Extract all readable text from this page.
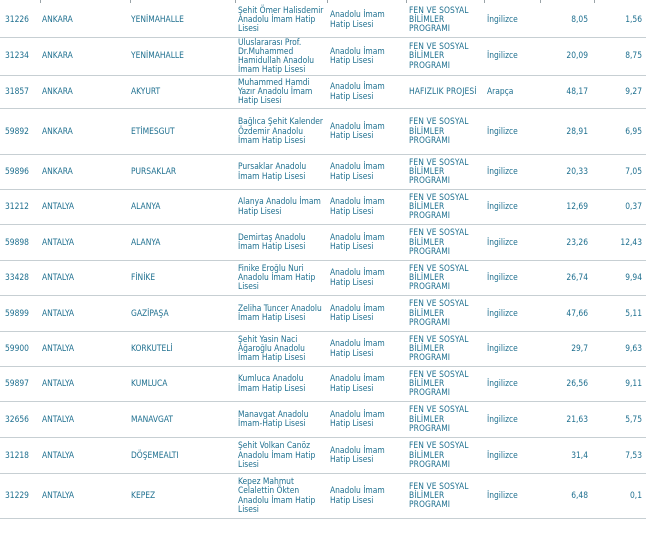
31226	ANKARA	YENİMAHALLE	Şehit Ömer Halisdemir Anadolu İmam Hatip Lisesi	Anadolu İmam Hatip Lisesi	FEN VE SOSYAL BİLİMLER PROGRAMI	İngilizce	8,05	1,56
31234	ANKARA	YENİMAHALLE	Uluslararası Prof. Dr.Muhammed Hamidullah Anadolu İmam Hatip Lisesi	Anadolu İmam Hatip Lisesi	FEN VE SOSYAL BİLİMLER PROGRAMI	İngilizce	20,09	8,75
31857	ANKARA	AKYURT	Muhammed Hamdi Yazır Anadolu İmam Hatip Lisesi	Anadolu İmam Hatip Lisesi	HAFIZLIK PROJESİ	Arapça	48,17	9,27
59892	ANKARA	ETİMESGUT	Bağlıca Şehit Kalender Özdemir Anadolu İmam Hatip Lisesi	Anadolu İmam Hatip Lisesi	FEN VE SOSYAL BİLİMLER PROGRAMI	İngilizce	28,91	6,95
59896	ANKARA	PURSAKLAR	Pursaklar Anadolu İmam Hatip Lisesi	Anadolu İmam Hatip Lisesi	FEN VE SOSYAL BİLİMLER PROGRAMI	İngilizce	20,33	7,05
31212	ANTALYA	ALANYA	Alanya Anadolu İmam Hatip Lisesi	Anadolu İmam Hatip Lisesi	FEN VE SOSYAL BİLİMLER PROGRAMI	İngilizce	12,69	0,37
59898	ANTALYA	ALANYA	Demirtaş Anadolu İmam Hatip Lisesi	Anadolu İmam Hatip Lisesi	FEN VE SOSYAL BİLİMLER PROGRAMI	İngilizce	23,26	12,43
33428	ANTALYA	FİNİKE	Finike Eroğlu Nuri Anadolu İmam Hatip Lisesi	Anadolu İmam Hatip Lisesi	FEN VE SOSYAL BİLİMLER PROGRAMI	İngilizce	26,74	9,94
59899	ANTALYA	GAZİPAŞA	Zeliha Tuncer Anadolu İmam Hatip Lisesi	Anadolu İmam Hatip Lisesi	FEN VE SOSYAL BİLİMLER PROGRAMI	İngilizce	47,66	5,11
59900	ANTALYA	KORKUTELİ	Şehit Yasin Naci Ağaroğlu Anadolu İmam Hatip Lisesi	Anadolu İmam Hatip Lisesi	FEN VE SOSYAL BİLİMLER PROGRAMI	İngilizce	29,7	9,63
59897	ANTALYA	KUMLUCA	Kumluca Anadolu İmam Hatip Lisesi	Anadolu İmam Hatip Lisesi	FEN VE SOSYAL BİLİMLER PROGRAMI	İngilizce	26,56	9,11
32656	ANTALYA	MANAVGAT	Manavgat Anadolu İmam-Hatip Lisesi	Anadolu İmam Hatip Lisesi	FEN VE SOSYAL BİLİMLER PROGRAMI	İngilizce	21,63	5,75
31218	ANTALYA	DÖŞEMEALTI	Şehit Volkan Canöz Anadolu İmam Hatip Lisesi	Anadolu İmam Hatip Lisesi	FEN VE SOSYAL BİLİMLER PROGRAMI	İngilizce	31,4	7,53
31229	ANTALYA	KEPEZ	Kepez Mahmut Celalettin Ökten Anadolu İmam Hatip Lisesi	Anadolu İmam Hatip Lisesi	FEN VE SOSYAL BİLİMLER PROGRAMI	İngilizce	6,48	0,1
